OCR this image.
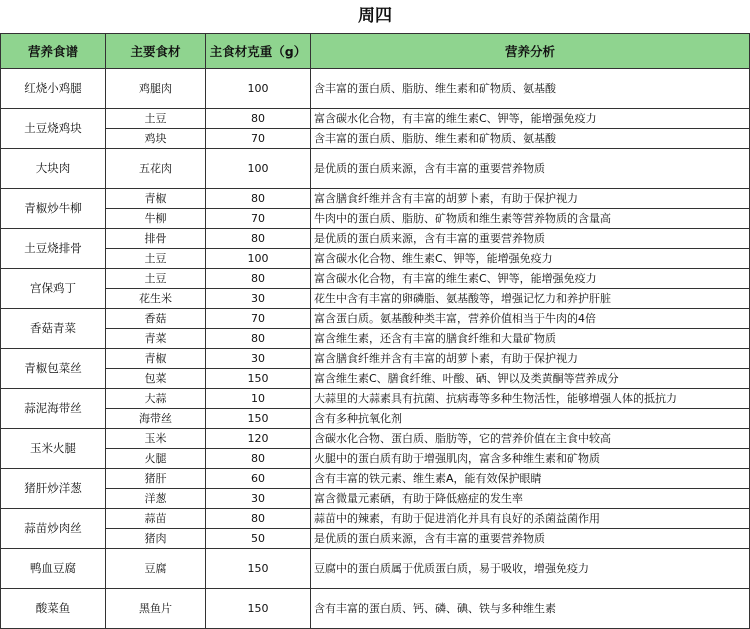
周四
营养食谱	主要食材	主食材克重（g）	营养分析
红烧小鸡腿	鸡腿肉	100	含丰富的蛋白质、脂肪、维生素和矿物质、氨基酸
土豆烧鸡块	土豆	80	富含碳水化合物，有丰富的维生素C、钾等，能增强免疫力
	鸡块	70	含丰富的蛋白质、脂肪、维生素和矿物质、氨基酸
大块肉	五花肉	100	是优质的蛋白质来源，含有丰富的重要营养物质
青椒炒牛柳	青椒	80	富含膳食纤维并含有丰富的胡萝卜素，有助于保护视力
	牛柳	70	牛肉中的蛋白质、脂肪、矿物质和维生素等营养物质的含量高
土豆烧排骨	排骨	80	是优质的蛋白质来源，含有丰富的重要营养物质
	土豆	100	富含碳水化合物、维生素C、钾等，能增强免疫力
宫保鸡丁	土豆	80	富含碳水化合物，有丰富的维生素C、钾等，能增强免疫力
	花生米	30	花生中含有丰富的卵磷脂、氨基酸等，增强记忆力和养护肝脏
香菇青菜	香菇	70	富含蛋白质。氨基酸种类丰富，营养价值相当于牛肉的4倍
	青菜	80	富含维生素，还含有丰富的膳食纤维和大量矿物质
青椒包菜丝	青椒	30	富含膳食纤维并含有丰富的胡萝卜素，有助于保护视力
	包菜	150	富含维生素C、膳食纤维、叶酸、硒、钾以及类黄酮等营养成分
蒜泥海带丝	大蒜	10	大蒜里的大蒜素具有抗菌、抗病毒等多种生物活性，能够增强人体的抵抗力
	海带丝	150	含有多种抗氧化剂
玉米火腿	玉米	120	含碳水化合物、蛋白质、脂肪等，它的营养价值在主食中较高
	火腿	80	火腿中的蛋白质有助于增强肌肉，富含多种维生素和矿物质
猪肝炒洋葱	猪肝	60	含有丰富的铁元素、维生素A，能有效保护眼睛
	洋葱	30	富含微量元素硒，有助于降低癌症的发生率
蒜苗炒肉丝	蒜苗	80	蒜苗中的辣素，有助于促进消化并具有良好的杀菌益菌作用
	猪肉	50	是优质的蛋白质来源，含有丰富的重要营养物质
鸭血豆腐	豆腐	150	豆腐中的蛋白质属于优质蛋白质，易于吸收，增强免疫力
酸菜鱼	黑鱼片	150	含有丰富的蛋白质、钙、磷、碘、铁与多种维生素
